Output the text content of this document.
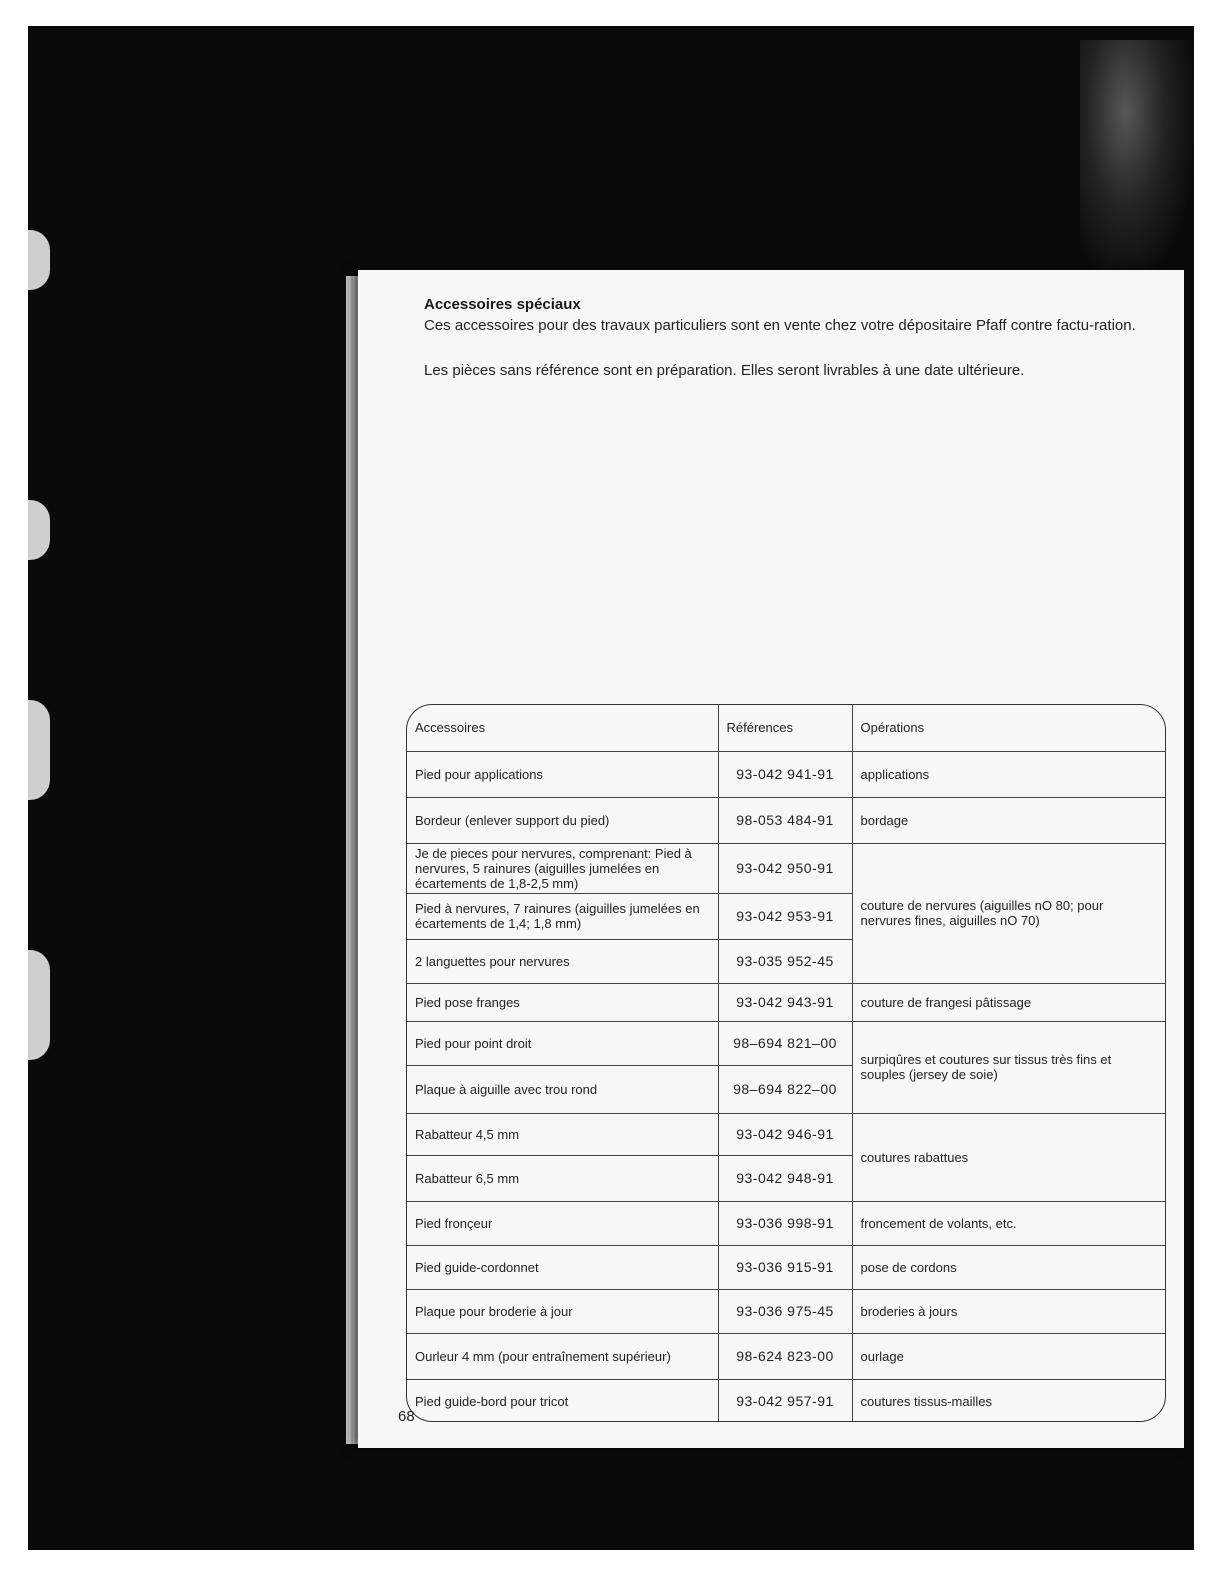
Accessoires spéciaux
Ces accessoires pour des travaux particuliers sont en vente chez votre dépositaire Pfaff contre factu-ration.
Les pièces sans référence sont en préparation. Elles seront livrables à une date ultérieure.
Accessoires	Références	Opérations
Pied pour applications	93-042 941-91	applications
Bordeur (enlever support du pied)	98-053 484-91	bordage
Je de pieces pour nervures, comprenant: Pied à nervures, 5 rainures (aiguilles jumelées en écartements de 1,8-2,5 mm)	93-042 950-91	couture de nervures (aiguilles nO 80; pour nervures fines, aiguilles nO 70)
Pied à nervures, 7 rainures (aiguilles jumelées en écartements de 1,4; 1,8 mm)	93-042 953-91	
2 languettes pour nervures	93-035 952-45	
Pied pose franges	93-042 943-91	couture de frangesi pâtissage
Pied pour point droit	98–694 821–00	surpiqûres et coutures sur tissus très fins et souples (jersey de soie)
Plaque à aiguille avec trou rond	98–694 822–00	
Rabatteur 4,5 mm	93-042 946-91	coutures rabattues
Rabatteur 6,5 mm	93-042 948-91	
Pied fronçeur	93-036 998-91	froncement de volants, etc.
Pied guide-cordonnet	93-036 915-91	pose de cordons
Plaque pour broderie à jour	93-036 975-45	broderies à jours
Ourleur 4 mm (pour entraînement supérieur)	98-624 823-00	ourlage
Pied guide-bord pour tricot	93-042 957-91	coutures tissus-mailles
68
